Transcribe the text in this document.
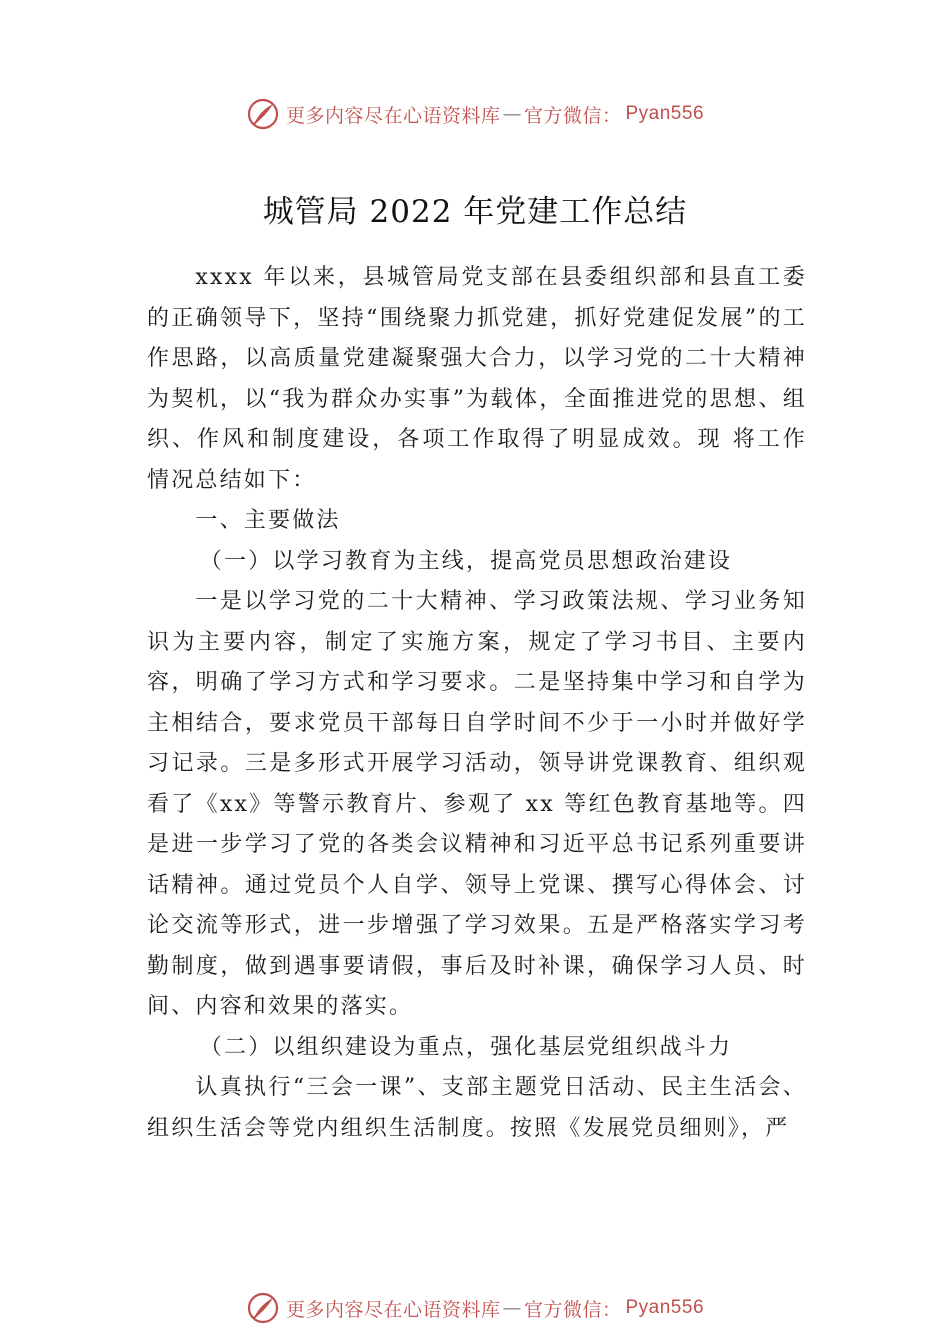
更多内容尽在心语资料库 — 官方微信： Pyan556
城管局 2022 年党建工作总结

xxxx 年以来，县城管局党支部在县委组织部和县直工委的正确领导下，坚持“围绕聚力抓党建，抓好党建促发展”的工作思路，以高质量党建凝聚强大合力，以学习党的二十大精神为契机，以“我为群众办实事”为载体，全面推进党的思想、组织、作风和制度建设，各项工作取得了明显成效。现 将工作情况总结如下：

一、主要做法

（一）以学习教育为主线，提高党员思想政治建设

一是以学习党的二十大精神、学习政策法规、学习业务知识为主要内容，制定了实施方案，规定了学习书目、主要内容，明确了学习方式和学习要求。二是坚持集中学习和自学为主相结合，要求党员干部每日自学时间不少于一小时并做好学习记录。三是多形式开展学习活动，领导讲党课教育、组织观看了《xx》等警示教育片、参观了 xx 等红色教育基地等。四是进一步学习了党的各类会议精神和习近平总书记系列重要讲话精神。通过党员个人自学、领导上党课、撰写心得体会、讨论交流等形式，进一步增强了学习效果。五是严格落实学习考勤制度，做到遇事要请假，事后及时补课，确保学习人员、时间、内容和效果的落实。

（二）以组织建设为重点，强化基层党组织战斗力

认真执行“三会一课”、支部主题党日活动、民主生活会、组织生活会等党内组织生活制度。按照《发展党员细则》，严

更多内容尽在心语资料库 — 官方微信： Pyan556
